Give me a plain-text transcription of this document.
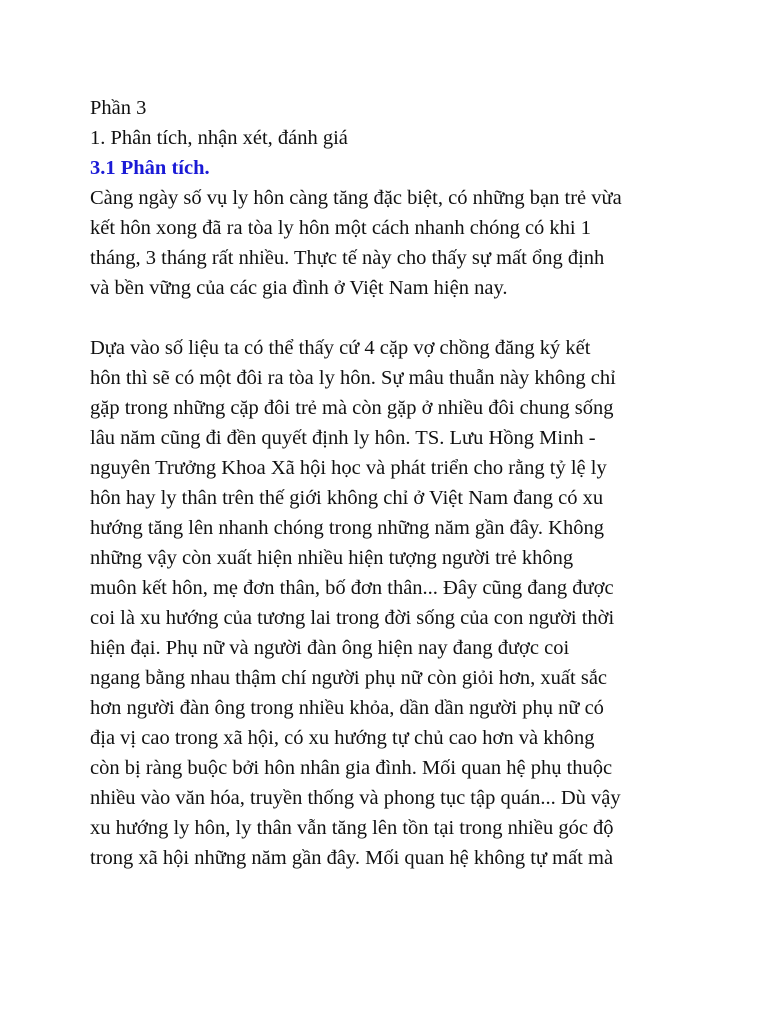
Phần 3
1. Phân tích, nhận xét, đánh giá
3.1 Phân tích.
Càng ngày số vụ ly hôn càng tăng đặc biệt, có những bạn trẻ vừa
kết hôn xong đã ra tòa ly hôn một cách nhanh chóng có khi 1
tháng, 3 tháng rất nhiều. Thực tế này cho thấy sự mất ổng định
và bền vững của các gia đình ở Việt Nam hiện nay.
Dựa vào số liệu ta có thể thấy cứ 4 cặp vợ chồng đăng ký kết
hôn thì sẽ có một đôi ra tòa ly hôn. Sự mâu thuẫn này không chỉ
gặp trong những cặp đôi trẻ mà còn gặp ở nhiều đôi chung sống
lâu năm cũng đi đền quyết định ly hôn. TS. Lưu Hồng Minh -
nguyên Trưởng Khoa Xã hội học và phát triển cho rằng tỷ lệ ly
hôn hay ly thân trên thế giới không chỉ ở Việt Nam đang có xu
hướng tăng lên nhanh chóng trong những năm gần đây. Không
những vậy còn xuất hiện nhiều hiện tượng người trẻ không
muôn kết hôn, mẹ đơn thân, bố đơn thân... Đây cũng đang được
coi là xu hướng của tương lai trong đời sống của con người thời
hiện đại. Phụ nữ và người đàn ông hiện nay đang được coi
ngang bằng nhau thậm chí người phụ nữ còn giỏi hơn, xuất sắc
hơn người đàn ông trong nhiều khỏa, dần dần người phụ nữ có
địa vị cao trong xã hội, có xu hướng tự chủ cao hơn và không
còn bị ràng buộc bởi hôn nhân gia đình. Mối quan hệ phụ thuộc
nhiều vào văn hóa, truyền thống và phong tục tập quán... Dù vậy
xu hướng ly hôn, ly thân vẫn tăng lên tồn tại trong nhiều góc độ
trong xã hội những năm gần đây. Mối quan hệ không tự mất mà
